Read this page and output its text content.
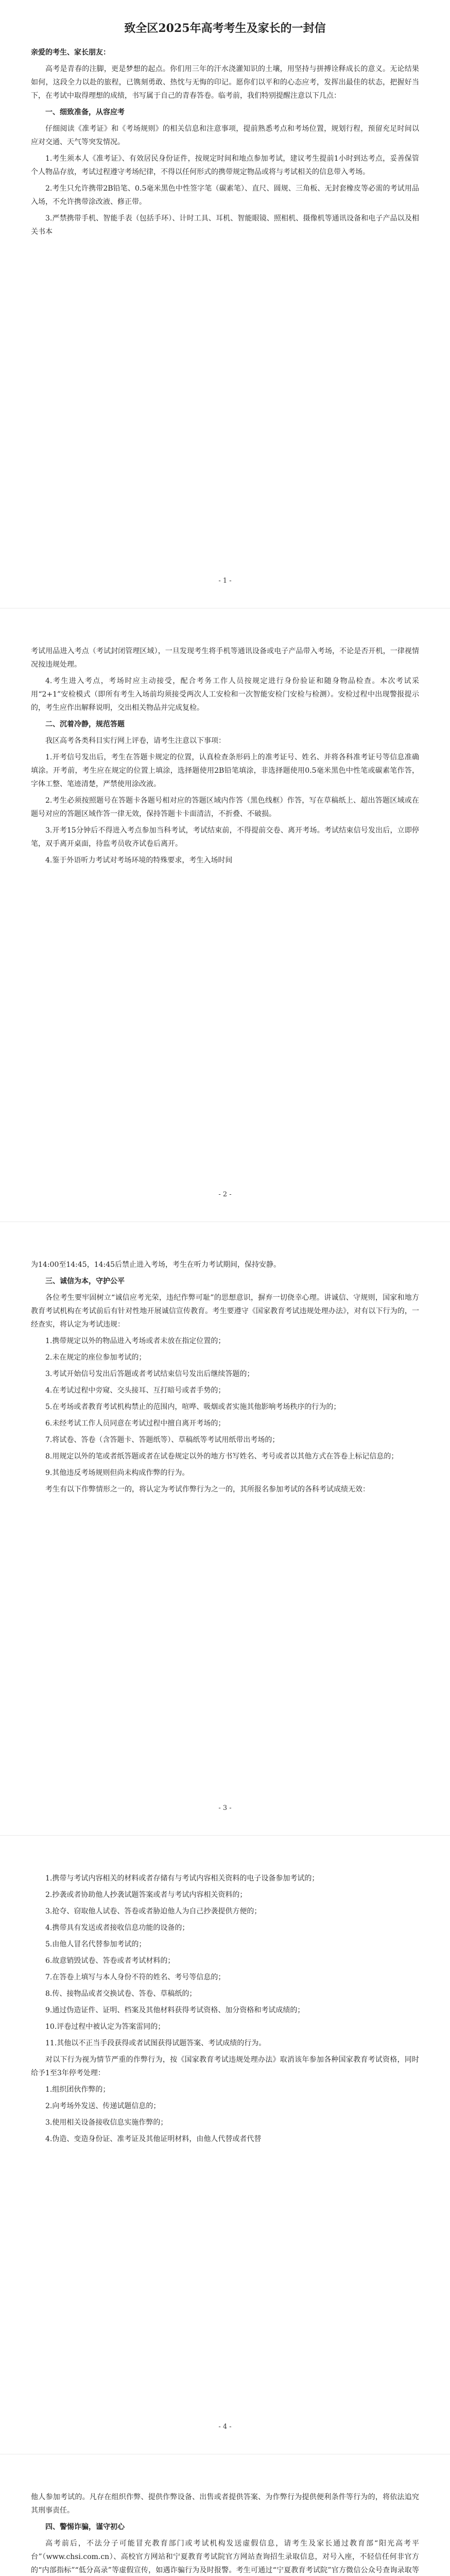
致全区2025年高考考生及家长的一封信

亲爱的考生、家长朋友：

高考是青春的注脚，更是梦想的起点。你们用三年的汗水浇灌知识的土壤，用坚持与拼搏诠释成长的意义。无论结果如何，这段全力以赴的旅程，已镌刻勇敢、热忱与无悔的印记。愿你们以平和的心态应考，发挥出最佳的状态，把握好当下，在考试中取得理想的成绩，书写属于自己的青春答卷。临考前，我们特别提醒注意以下几点：

一、细致准备，从容应考

仔细阅读《准考证》和《考场规则》的相关信息和注意事项，提前熟悉考点和考场位置，规划行程，预留充足时间以应对交通、天气等突发情况。

1.考生须本人《准考证》、有效居民身份证件，按规定时间和地点参加考试，建议考生提前1小时到达考点，妥善保管个人物品存放，考试过程遵守考场纪律，不得以任何形式的携带规定物品或将与考试相关的信息带入考场。

2.考生只允许携带2B铅笔、0.5毫米黑色中性签字笔（碳素笔）、直尺、圆规、三角板、无封套橡皮等必需的考试用品入场，不允许携带涂改液、修正带。

3.严禁携带手机、智能手表（包括手环）、计时工具、耳机、智能眼镜、照相机、摄像机等通讯设备和电子产品以及相关书本

- 1 -

考试用品进入考点（考试封闭管理区域），一旦发现考生将手机等通讯设备或电子产品带入考场，不论是否开机，一律视情况按违规处理。

4.考生进入考点，考场时应主动接受，配合考务工作人员按规定进行身份验证和随身物品检查。本次考试采用“2+1”安检模式（即所有考生入场前均须接受两次人工安检和一次智能安检门安检与检测）。安检过程中出现警报提示的，考生应作出解释说明，交出相关物品并完成复检。

二、沉着冷静，规范答题

我区高考各类科目实行网上评卷，请考生注意以下事项：

1.开考信号发出后，考生在答题卡规定的位置，认真检查条形码上的准考证号、姓名、并将各科准考证号等信息准确填涂。开考前，考生应在规定的位置上填涂，选择题使用2B铅笔填涂，非选择题使用0.5毫米黑色中性笔或碳素笔作答，字体工整、笔迹清楚，严禁使用涂改液。

2.考生必须按照题号在答题卡各题号相对应的答题区域内作答（黑色线框）作答，写在草稿纸上、超出答题区域或在题号对应的答题区域作答一律无效，保持答题卡卡面清洁，不折叠、不破损。

3.开考15分钟后不得进入考点参加当科考试，考试结束前，不得提前交卷、离开考场。考试结束信号发出后，立即停笔，双手离开桌面，待监考员收齐试卷后离开。

4.鉴于外语听力考试对考场环境的特殊要求，考生入场时间

- 2 -

为14:00至14:45，14:45后禁止进入考场，考生在听力考试期间，保持安静。

三、诚信为本，守护公平

各位考生要牢固树立“诚信应考光荣，违纪作弊可耻”的思想意识，摒弃一切侥幸心理。讲诚信、守规则，国家和地方教育考试机构在考试前后有针对性地开展诚信宣传教育。考生要遵守《国家教育考试违规处理办法》，对有以下行为的，一经查实，将认定为考试违规：

1.携带规定以外的物品进入考场或者未放在指定位置的；

2.未在规定的座位参加考试的；

3.考试开始信号发出后答题或者考试结束信号发出后继续答题的；

4.在考试过程中旁窥、交头接耳、互打暗号或者手势的；

5.在考场或者教育考试机构禁止的范围内，喧哗、吸烟或者实施其他影响考场秩序的行为的；

6.未经考试工作人员同意在考试过程中擅自离开考场的；

7.将试卷、答卷（含答题卡、答题纸等）、草稿纸等考试用纸带出考场的；

8.用规定以外的笔或者纸答题或者在试卷规定以外的地方书写姓名、考号或者以其他方式在答卷上标记信息的；

9.其他违反考场规则但尚未构成作弊的行为。

考生有以下作弊情形之一的，将认定为考试作弊行为之一的，其所报名参加考试的各科考试成绩无效：

- 3 -

1.携带与考试内容相关的材料或者存储有与考试内容相关资料的电子设备参加考试的；

2.抄袭或者协助他人抄袭试题答案或者与考试内容相关资料的；

3.抢夺、窃取他人试卷、答卷或者胁迫他人为自己抄袭提供方便的；

4.携带具有发送或者接收信息功能的设备的；

5.由他人冒名代替参加考试的；

6.故意销毁试卷、答卷或者考试材料的；

7.在答卷上填写与本人身份不符的姓名、考号等信息的；

8.传、接物品或者交换试卷、答卷、草稿纸的；

9.通过伪造证件、证明、档案及其他材料获得考试资格、加分资格和考试成绩的；

10.评卷过程中被认定为答案雷同的；

11.其他以不正当手段获得或者试图获得试题答案、考试成绩的行为。

对以下行为视为情节严重的作弊行为，按《国家教育考试违规处理办法》取消该年参加各种国家教育考试资格，同时给予1至3年停考处理：

1.组织团伙作弊的；

2.向考场外发送、传递试题信息的；

3.使用相关设备接收信息实施作弊的；

4.伪造、变造身份证、准考证及其他证明材料，由他人代替或者代替

- 4 -

他人参加考试的。凡存在组织作弊、提供作弊设备、出售或者提供答案、为作弊行为提供便利条件等行为的，将依法追究其刑事责任。

四、警惕诈骗，谨守初心

高考前后，不法分子可能冒充教育部门或考试机构发送虚假信息，请考生及家长通过教育部“阳光高考平台”（www.chsi.com.cn）、高校官方网站和宁夏教育考试院官方网站查询招生录取信息，对号入座，不轻信任何非官方的“内部指标”“低分高录”等虚假宣传，如遇诈骗行为及时报警。考生可通过“宁夏教育考试院”官方微信公众号查询录取等
